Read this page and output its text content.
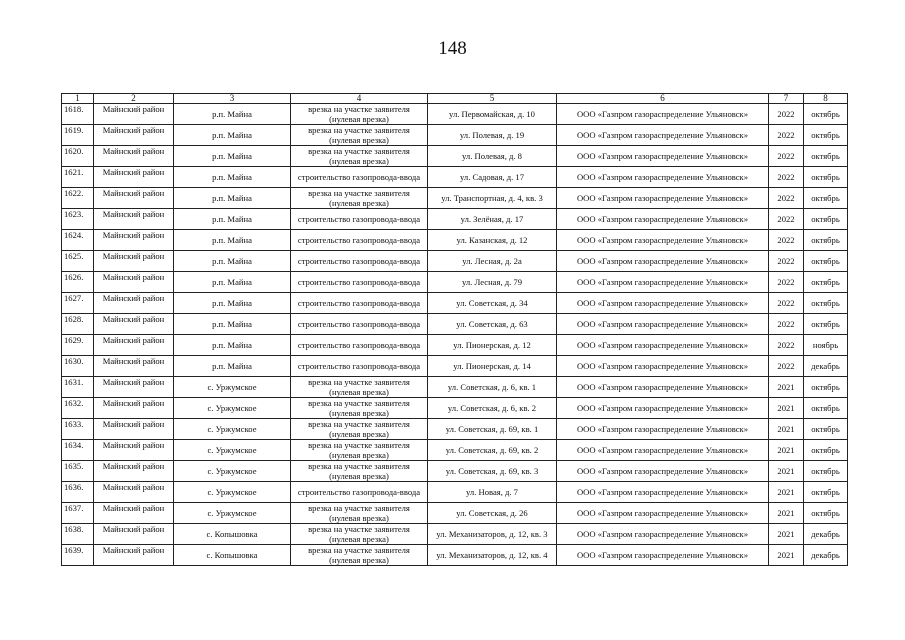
148
1	2	3	4	5	6	7	8
1618.	Майнский район	р.п. Майна	врезка на участке заявителя (нулевая врезка)	ул. Первомайская, д. 10	ООО «Газпром газораспределение Ульяновск»	2022	октябрь
1619.	Майнский район	р.п. Майна	врезка на участке заявителя (нулевая врезка)	ул. Полевая, д. 19	ООО «Газпром газораспределение Ульяновск»	2022	октябрь
1620.	Майнский район	р.п. Майна	врезка на участке заявителя (нулевая врезка)	ул. Полевая, д. 8	ООО «Газпром газораспределение Ульяновск»	2022	октябрь
1621.	Майнский район	р.п. Майна	строительство газопровода-ввода	ул. Садовая, д. 17	ООО «Газпром газораспределение Ульяновск»	2022	октябрь
1622.	Майнский район	р.п. Майна	врезка на участке заявителя (нулевая врезка)	ул. Транспортная, д. 4, кв. 3	ООО «Газпром газораспределение Ульяновск»	2022	октябрь
1623.	Майнский район	р.п. Майна	строительство газопровода-ввода	ул. Зелёная, д. 17	ООО «Газпром газораспределение Ульяновск»	2022	октябрь
1624.	Майнский район	р.п. Майна	строительство газопровода-ввода	ул. Казанская, д. 12	ООО «Газпром газораспределение Ульяновск»	2022	октябрь
1625.	Майнский район	р.п. Майна	строительство газопровода-ввода	ул. Лесная, д. 2а	ООО «Газпром газораспределение Ульяновск»	2022	октябрь
1626.	Майнский район	р.п. Майна	строительство газопровода-ввода	ул. Лесная, д. 79	ООО «Газпром газораспределение Ульяновск»	2022	октябрь
1627.	Майнский район	р.п. Майна	строительство газопровода-ввода	ул. Советская, д. 34	ООО «Газпром газораспределение Ульяновск»	2022	октябрь
1628.	Майнский район	р.п. Майна	строительство газопровода-ввода	ул. Советская, д. 63	ООО «Газпром газораспределение Ульяновск»	2022	октябрь
1629.	Майнский район	р.п. Майна	строительство газопровода-ввода	ул. Пионерская, д. 12	ООО «Газпром газораспределение Ульяновск»	2022	ноябрь
1630.	Майнский район	р.п. Майна	строительство газопровода-ввода	ул. Пионерская, д. 14	ООО «Газпром газораспределение Ульяновск»	2022	декабрь
1631.	Майнский район	с. Уржумское	врезка на участке заявителя (нулевая врезка)	ул. Советская, д. 6, кв. 1	ООО «Газпром газораспределение Ульяновск»	2021	октябрь
1632.	Майнский район	с. Уржумское	врезка на участке заявителя (нулевая врезка)	ул. Советская, д. 6, кв. 2	ООО «Газпром газораспределение Ульяновск»	2021	октябрь
1633.	Майнский район	с. Уржумское	врезка на участке заявителя (нулевая врезка)	ул. Советская, д. 69, кв. 1	ООО «Газпром газораспределение Ульяновск»	2021	октябрь
1634.	Майнский район	с. Уржумское	врезка на участке заявителя (нулевая врезка)	ул. Советская, д. 69, кв. 2	ООО «Газпром газораспределение Ульяновск»	2021	октябрь
1635.	Майнский район	с. Уржумское	врезка на участке заявителя (нулевая врезка)	ул. Советская, д. 69, кв. 3	ООО «Газпром газораспределение Ульяновск»	2021	октябрь
1636.	Майнский район	с. Уржумское	строительство газопровода-ввода	ул. Новая, д. 7	ООО «Газпром газораспределение Ульяновск»	2021	октябрь
1637.	Майнский район	с. Уржумское	врезка на участке заявителя (нулевая врезка)	ул. Советская, д. 26	ООО «Газпром газораспределение Ульяновск»	2021	октябрь
1638.	Майнский район	с. Копышовка	врезка на участке заявителя (нулевая врезка)	ул. Механизаторов, д. 12, кв. 3	ООО «Газпром газораспределение Ульяновск»	2021	декабрь
1639.	Майнский район	с. Копышовка	врезка на участке заявителя (нулевая врезка)	ул. Механизаторов, д. 12, кв. 4	ООО «Газпром газораспределение Ульяновск»	2021	декабрь
